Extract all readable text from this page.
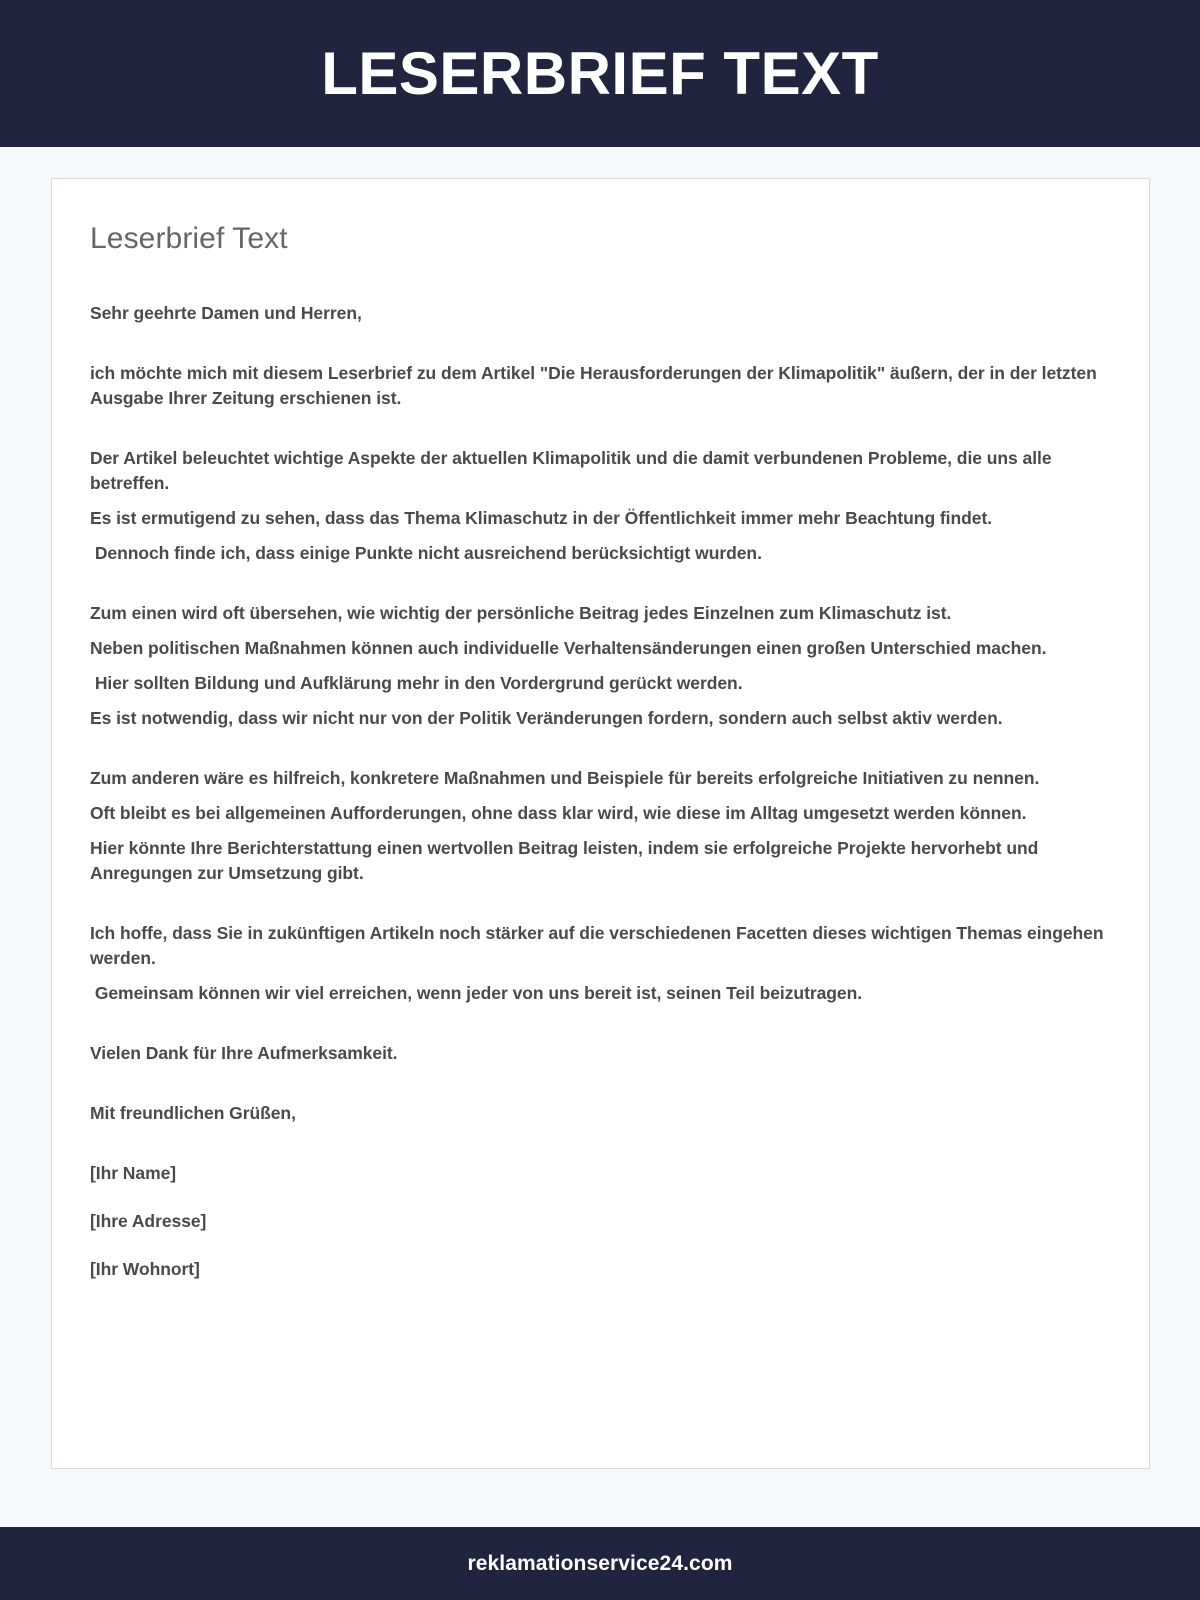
LESERBRIEF TEXT
Leserbrief Text

Sehr geehrte Damen und Herren,

ich möchte mich mit diesem Leserbrief zu dem Artikel "Die Herausforderungen der Klimapolitik" äußern, der in der letzten Ausgabe Ihrer Zeitung erschienen ist.

Der Artikel beleuchtet wichtige Aspekte der aktuellen Klimapolitik und die damit verbundenen Probleme, die uns alle betreffen.

Es ist ermutigend zu sehen, dass das Thema Klimaschutz in der Öffentlichkeit immer mehr Beachtung findet.

Dennoch finde ich, dass einige Punkte nicht ausreichend berücksichtigt wurden.

Zum einen wird oft übersehen, wie wichtig der persönliche Beitrag jedes Einzelnen zum Klimaschutz ist.

Neben politischen Maßnahmen können auch individuelle Verhaltensänderungen einen großen Unterschied machen.

Hier sollten Bildung und Aufklärung mehr in den Vordergrund gerückt werden.

Es ist notwendig, dass wir nicht nur von der Politik Veränderungen fordern, sondern auch selbst aktiv werden.

Zum anderen wäre es hilfreich, konkretere Maßnahmen und Beispiele für bereits erfolgreiche Initiativen zu nennen.

Oft bleibt es bei allgemeinen Aufforderungen, ohne dass klar wird, wie diese im Alltag umgesetzt werden können.

Hier könnte Ihre Berichterstattung einen wertvollen Beitrag leisten, indem sie erfolgreiche Projekte hervorhebt und Anregungen zur Umsetzung gibt.

Ich hoffe, dass Sie in zukünftigen Artikeln noch stärker auf die verschiedenen Facetten dieses wichtigen Themas eingehen werden.

Gemeinsam können wir viel erreichen, wenn jeder von uns bereit ist, seinen Teil beizutragen.

Vielen Dank für Ihre Aufmerksamkeit.

Mit freundlichen Grüßen,

[Ihr Name]

[Ihre Adresse]

[Ihr Wohnort]

reklamationservice24.com
